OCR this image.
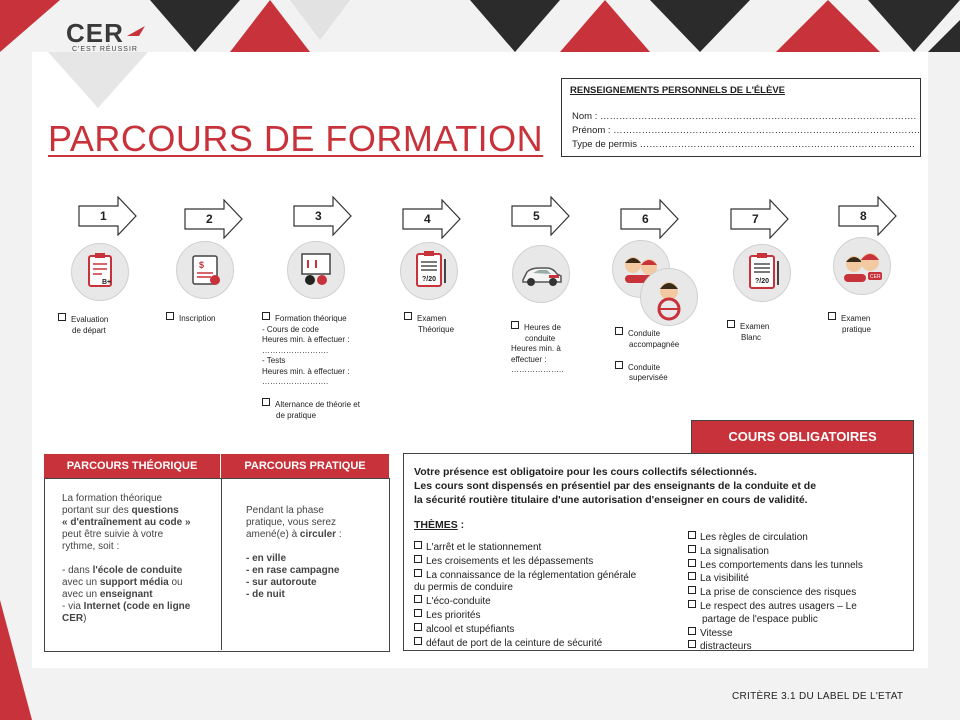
CER
C'EST RÉUSSIR
PARCOURS DE FORMATION
RENSEIGNEMENTS PERSONNELS DE L'ÉLÈVE
Nom : ……………………………………………………………………………………….
Prénom : …………………………………………………………………………………….
Type de permis ……………………………………………………………………………
Evaluation
de départ
Inscription	Formation théorique
- Cours de code
Heures min. à effectuer :
…………………….
- Tests
Heures min. à effectuer :
…………………….

Alternance de théorie et
de pratique
Examen
Théorique	Heures de
conduite
Heures min. à
effectuer :
………………..
Conduite
accompagnée

Conduite
supervisée
Examen
Blanc
Examen
pratique
PARCOURS THÉORIQUE	PARCOURS PRATIQUE
La formation théorique
portant sur des questions
« d'entraînement au code »
peut être suivie à votre
rythme, soit :

- dans l'école de conduite
avec un support média ou
avec un enseignant
- via Internet (code en ligne
CER)
Pendant la phase
pratique, vous serez
amené(e) à circuler :

- en ville
- en rase campagne
- sur autoroute
- de nuit
COURS OBLIGATOIRES
Votre présence est obligatoire pour les cours collectifs sélectionnés.
Les cours sont dispensés en présentiel par des enseignants de la conduite et de
la sécurité routière titulaire d'une autorisation d'enseigner en cours de validité.
THÈMES :
L'arrêt et le stationnement
Les croisements et les dépassements
La connaissance de la réglementation générale
du permis de conduire
L'éco-conduite
Les priorités
alcool et stupéfiants
défaut de port de la ceinture de sécurité
Les règles de circulation
La signalisation
Les comportements dans les tunnels
La visibilité
La prise de conscience des risques
Le respect des autres usagers – Le
partage de l'espace public
Vitesse
distracteurs
CRITÈRE 3.1 DU LABEL DE L'ETAT
1
B+
2
$
3	4
?/20
5	6	7
?/20
8
CER
